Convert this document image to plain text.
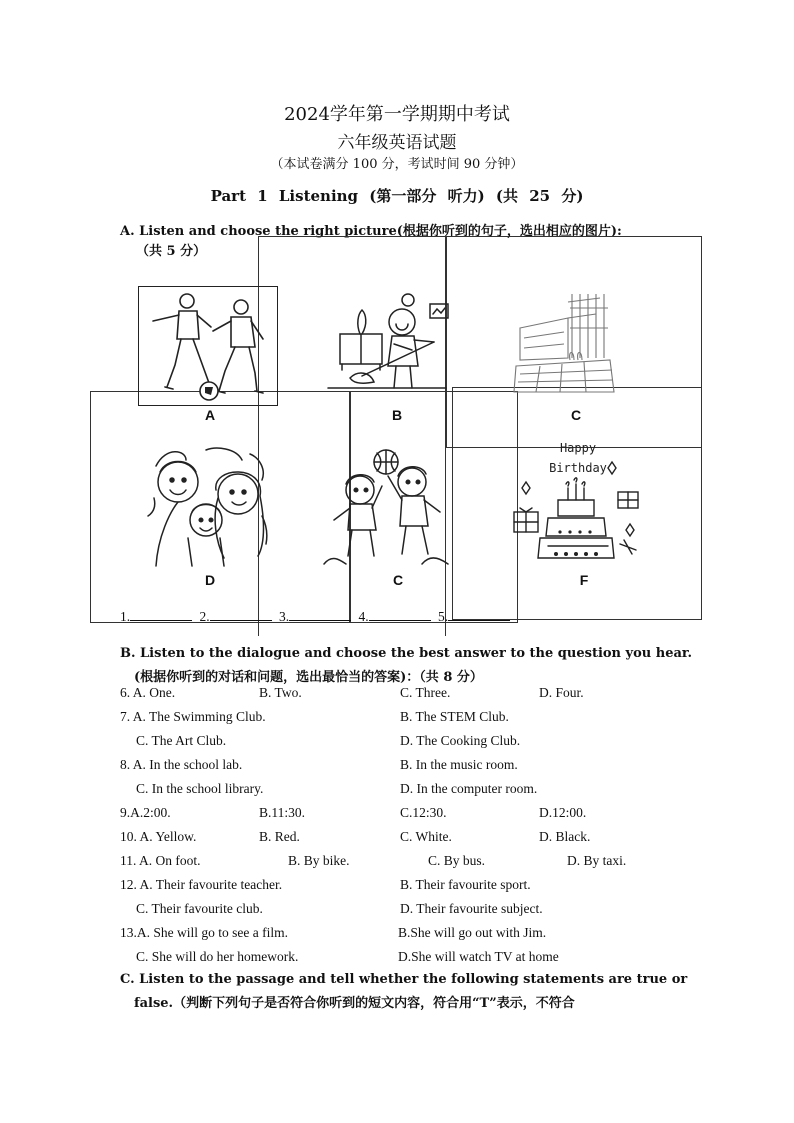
2024学年第一学期期中考试
六年级英语试题
（本试卷满分 100 分，考试时间 90 分钟）
Part 1 Listening (第一部分 听力) (共 25 分)
A. Listen and choose the right picture(根据你听到的句子，选出相应的图片):
（共 5 分）
Happy
Birthday
A	B	C
D	C	F
1.	2.	3.	4.	5.
B. Listen to the dialogue and choose the best answer to the question you hear.
(根据你听到的对话和问题，选出最恰当的答案)：（共 8 分）
6. A. One.	B. Two.	C. Three.	D. Four.
7. A. The Swimming Club.	B. The STEM Club.
C. The Art Club.	D. The Cooking Club.
8. A. In the school lab.	B. In the music room.
C. In the school library.	D. In the computer room.
9.A.2:00.	B.11:30.	C.12:30.	D.12:00.
10. A. Yellow.	B. Red.	C. White.	D. Black.
11. A. On foot.	B. By bike.	C. By bus.	D. By taxi.
12. A. Their favourite teacher.	B. Their favourite sport.
C. Their favourite club.	D. Their favourite subject.
13.A. She will go to see a film.	B.She will go out with Jim.
C. She will do her homework.	D.She will watch TV at home
C. Listen to the passage and tell whether the following statements are true or
false.（判断下列句子是否符合你听到的短文内容，符合用“T”表示，不符合
